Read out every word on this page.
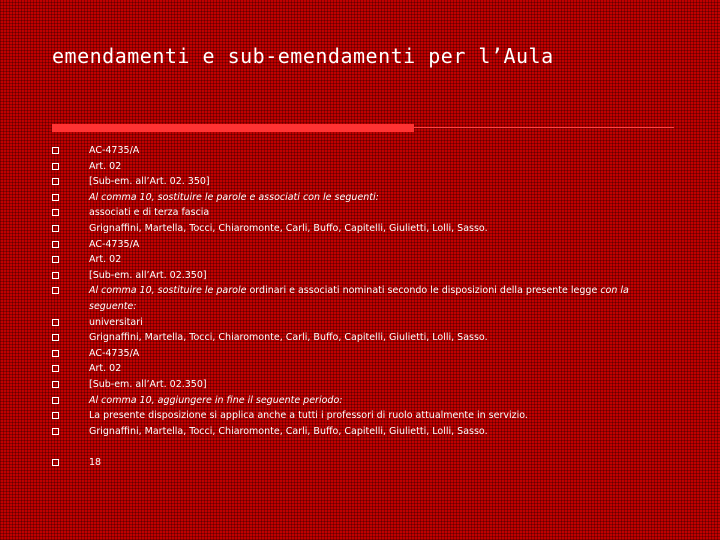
emendamenti e sub-emendamenti per l’Aula
AC-4735/A
Art. 02
[Sub-em. all’Art. 02. 350]
Al comma 10, sostituire le parole e associati con le seguenti:
associati e di terza fascia
Grignaffini, Martella, Tocci, Chiaromonte, Carli, Buffo, Capitelli, Giulietti, Lolli, Sasso.
AC-4735/A
Art. 02
[Sub-em. all’Art. 02.350]
Al comma 10, sostituire le parole ordinari e associati nominati secondo le disposizioni della presente legge con la seguente:
universitari
Grignaffini, Martella, Tocci, Chiaromonte, Carli, Buffo, Capitelli, Giulietti, Lolli, Sasso.
AC-4735/A
Art. 02
[Sub-em. all’Art. 02.350]
Al comma 10, aggiungere in fine il seguente periodo:
La presente disposizione si applica anche a tutti i professori di ruolo attualmente in servizio.
Grignaffini, Martella, Tocci, Chiaromonte, Carli, Buffo, Capitelli, Giulietti, Lolli, Sasso.
18
